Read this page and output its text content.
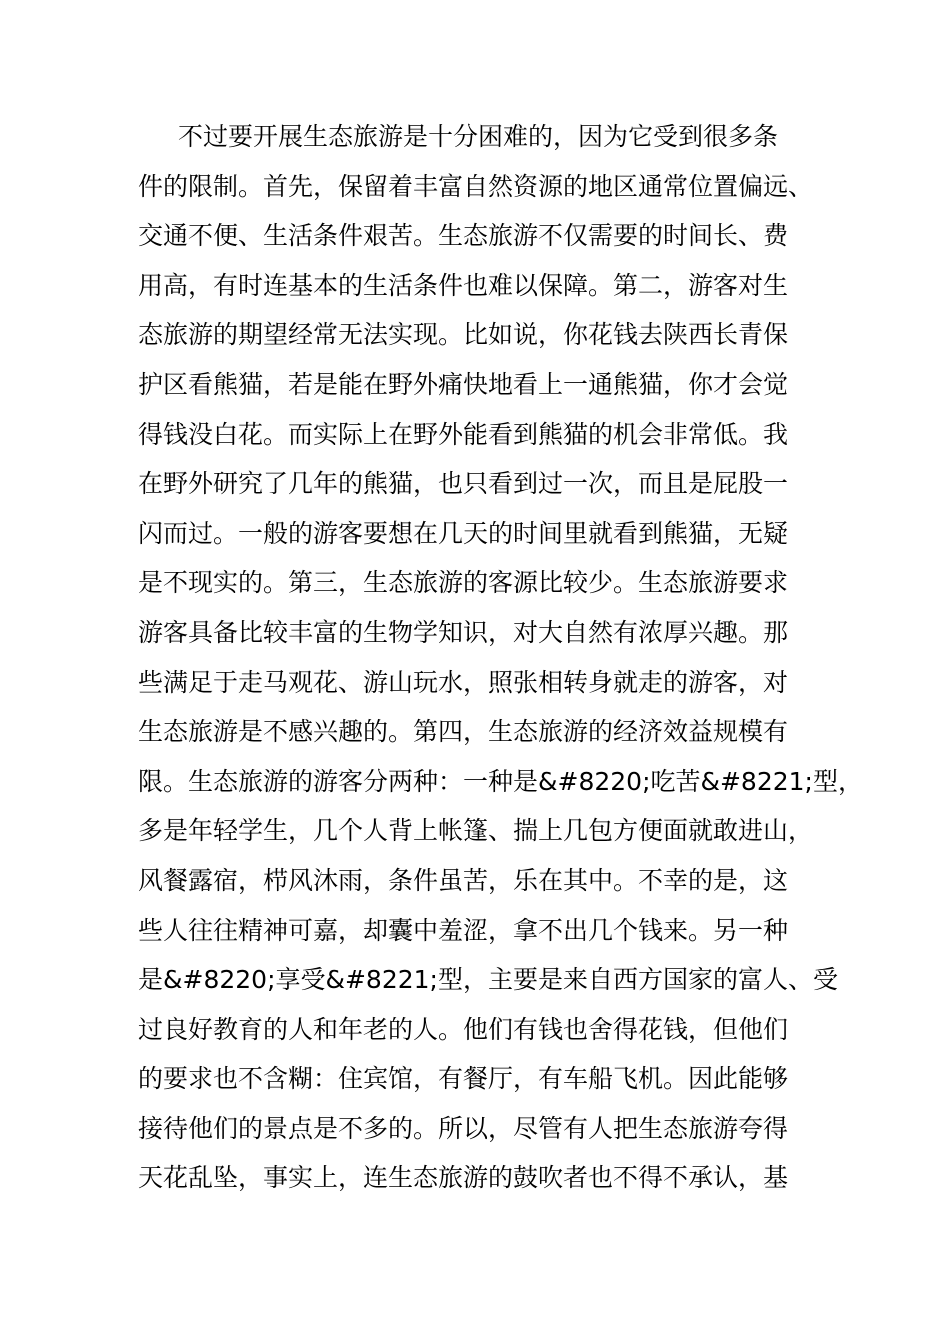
不过要开展生态旅游是十分困难的，因为它受到很多条
件的限制。首先，保留着丰富自然资源的地区通常位置偏远、
交通不便、生活条件艰苦。生态旅游不仅需要的时间长、费
用高，有时连基本的生活条件也难以保障。第二，游客对生
态旅游的期望经常无法实现。比如说，你花钱去陕西长青保
护区看熊猫，若是能在野外痛快地看上一通熊猫，你才会觉
得钱没白花。而实际上在野外能看到熊猫的机会非常低。我
在野外研究了几年的熊猫，也只看到过一次，而且是屁股一
闪而过。一般的游客要想在几天的时间里就看到熊猫，无疑
是不现实的。第三，生态旅游的客源比较少。生态旅游要求
游客具备比较丰富的生物学知识，对大自然有浓厚兴趣。那
些满足于走马观花、游山玩水，照张相转身就走的游客，对
生态旅游是不感兴趣的。第四，生态旅游的经济效益规模有
限。生态旅游的游客分两种：一种是&#8220;吃苦&#8221;型，
多是年轻学生，几个人背上帐篷、揣上几包方便面就敢进山，
风餐露宿，栉风沐雨，条件虽苦，乐在其中。不幸的是，这
些人往往精神可嘉，却囊中羞涩，拿不出几个钱来。另一种
是&#8220;享受&#8221;型，主要是来自西方国家的富人、受
过良好教育的人和年老的人。他们有钱也舍得花钱，但他们
的要求也不含糊：住宾馆，有餐厅，有车船飞机。因此能够
接待他们的景点是不多的。所以，尽管有人把生态旅游夸得
天花乱坠，事实上，连生态旅游的鼓吹者也不得不承认，基
